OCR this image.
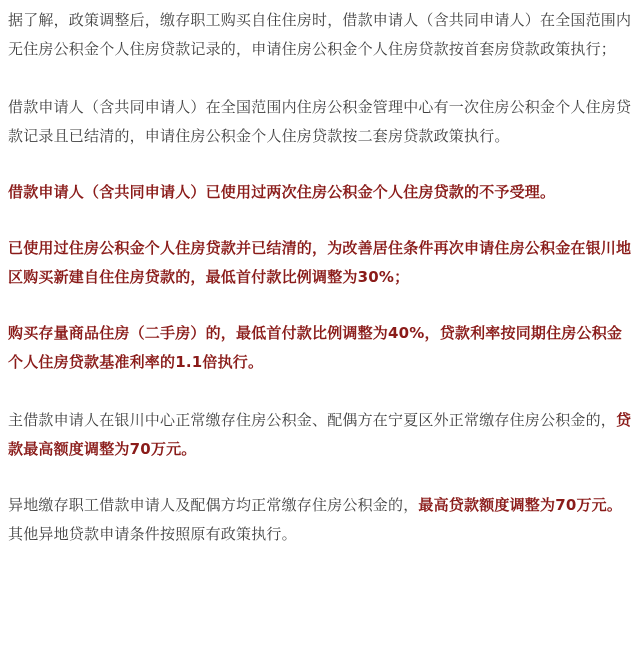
据了解，政策调整后，缴存职工购买自住住房时，借款申请人（含共同申请人）在全国范围内无住房公积金个人住房贷款记录的，申请住房公积金个人住房贷款按首套房贷款政策执行；

借款申请人（含共同申请人）在全国范围内住房公积金管理中心有一次住房公积金个人住房贷款记录且已结清的，申请住房公积金个人住房贷款按二套房贷款政策执行。

借款申请人（含共同申请人）已使用过两次住房公积金个人住房贷款的不予受理。

已使用过住房公积金个人住房贷款并已结清的，为改善居住条件再次申请住房公积金在银川地区购买新建自住住房贷款的，最低首付款比例调整为30%；

购买存量商品住房（二手房）的，最低首付款比例调整为40%，贷款利率按同期住房公积金个人住房贷款基准利率的1.1倍执行。

主借款申请人在银川中心正常缴存住房公积金、配偶方在宁夏区外正常缴存住房公积金的，贷款最高额度调整为70万元。

异地缴存职工借款申请人及配偶方均正常缴存住房公积金的，最高贷款额度调整为70万元。其他异地贷款申请条件按照原有政策执行。
